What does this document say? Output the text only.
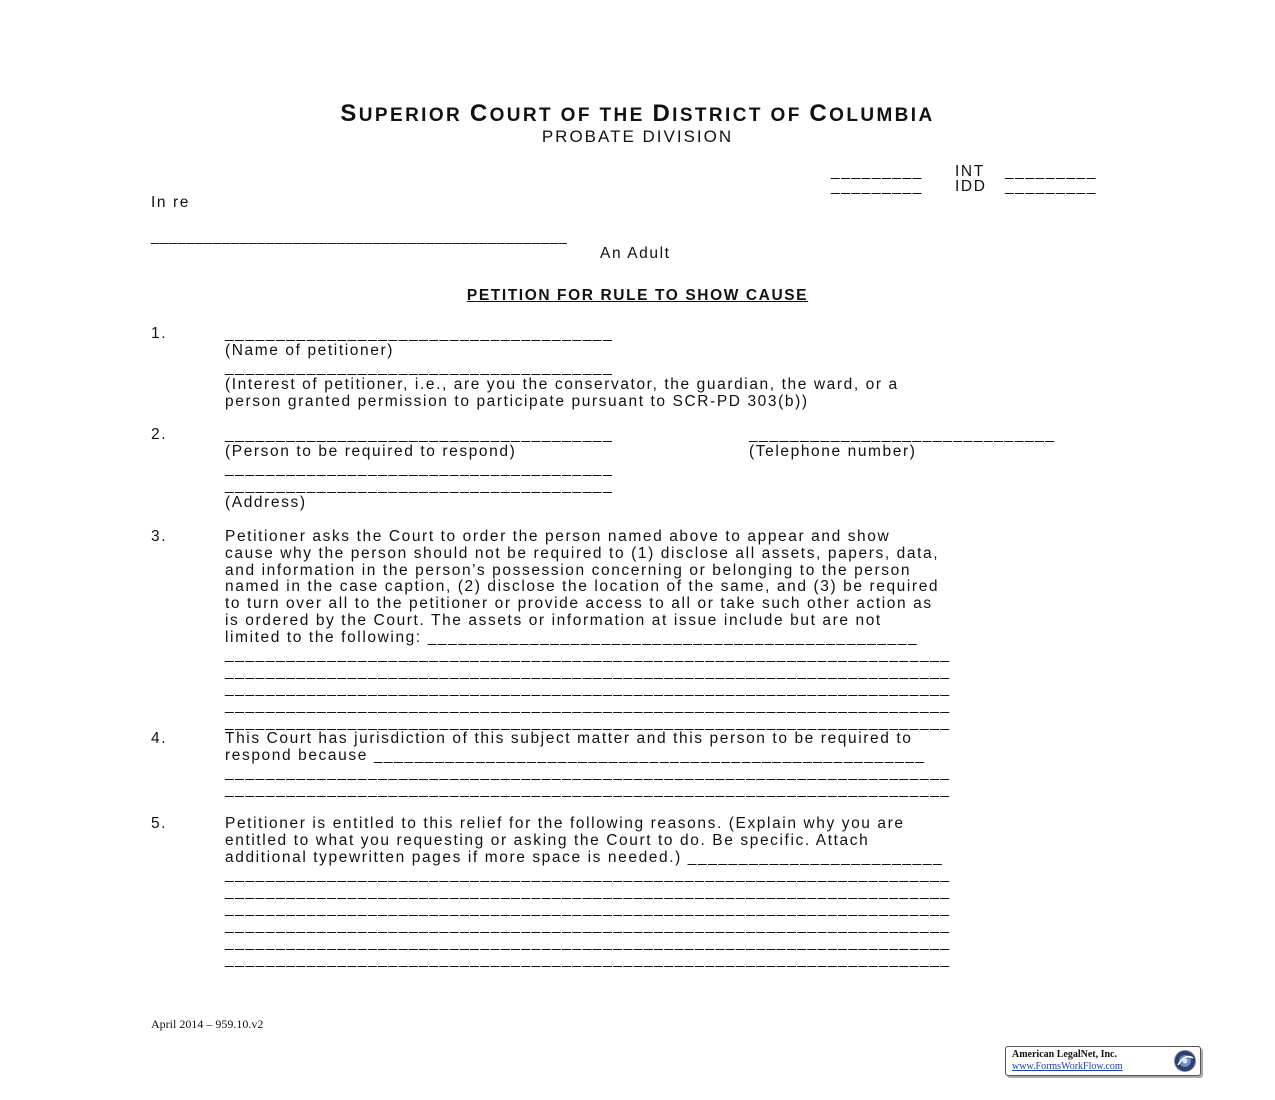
SUPERIOR COURT OF THE DISTRICT OF COLUMBIA
PROBATE DIVISION
_________ INT _________
_________ IDD _________
In re
_______________________________________________
An Adult
PETITION FOR RULE TO SHOW CAUSE
1.	______________________________________
(Name of petitioner)
______________________________________
(Interest of petitioner, i.e., are you the conservator, the guardian, the ward, or a
person granted permission to participate pursuant to SCR-PD 303(b))
2.	______________________________________	______________________________
(Person to be required to respond)	(Telephone number)
______________________________________
______________________________________
(Address)
3.	Petitioner asks the Court to order the person named above to appear and show
cause why the person should not be required to (1) disclose all assets, papers, data,
and information in the person’s possession concerning or belonging to the person
named in the case caption, (2) disclose the location of the same, and (3) be required
to turn over all to the petitioner or provide access to all or take such other action as
is ordered by the Court. The assets or information at issue include but are not
limited to the following: ________________________________________________
_______________________________________________________________________
_______________________________________________________________________
_______________________________________________________________________
_______________________________________________________________________
_______________________________________________________________________
4.	This Court has jurisdiction of this subject matter and this person to be required to
respond because ______________________________________________________
_______________________________________________________________________
_______________________________________________________________________
5.	Petitioner is entitled to this relief for the following reasons. (Explain why you are
entitled to what you requesting or asking the Court to do. Be specific. Attach
additional typewritten pages if more space is needed.) _________________________
_______________________________________________________________________
_______________________________________________________________________
_______________________________________________________________________
_______________________________________________________________________
_______________________________________________________________________
_______________________________________________________________________
April 2014 – 959.10.v2
American LegalNet, Inc.
www.FormsWorkFlow.com
